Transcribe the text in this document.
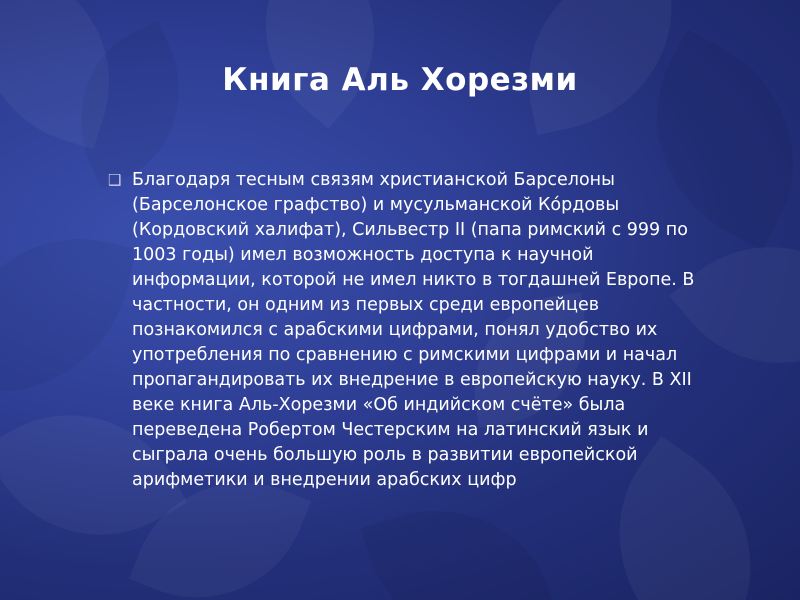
Книга Аль Хорезми
❑ Благодаря тесным связям христианской Барселоны (Барселонское графство) и мусульманской Ко́рдовы (Кордовский халифат), Сильвестр II (папа римский с 999 по 1003 годы) имел возможность доступа к научной информации, которой не имел никто в тогдашней Европе. В частности, он одним из первых среди европейцев познакомился с арабскими цифрами, понял удобство их употребления по сравнению с римскими цифрами и начал пропагандировать их внедрение в европейскую науку. В XII веке книга Аль-Хорезми «Об индийском счёте» была переведена Робертом Честерским на латинский язык и сыграла очень большую роль в развитии европейской арифметики и внедрении арабских цифр
